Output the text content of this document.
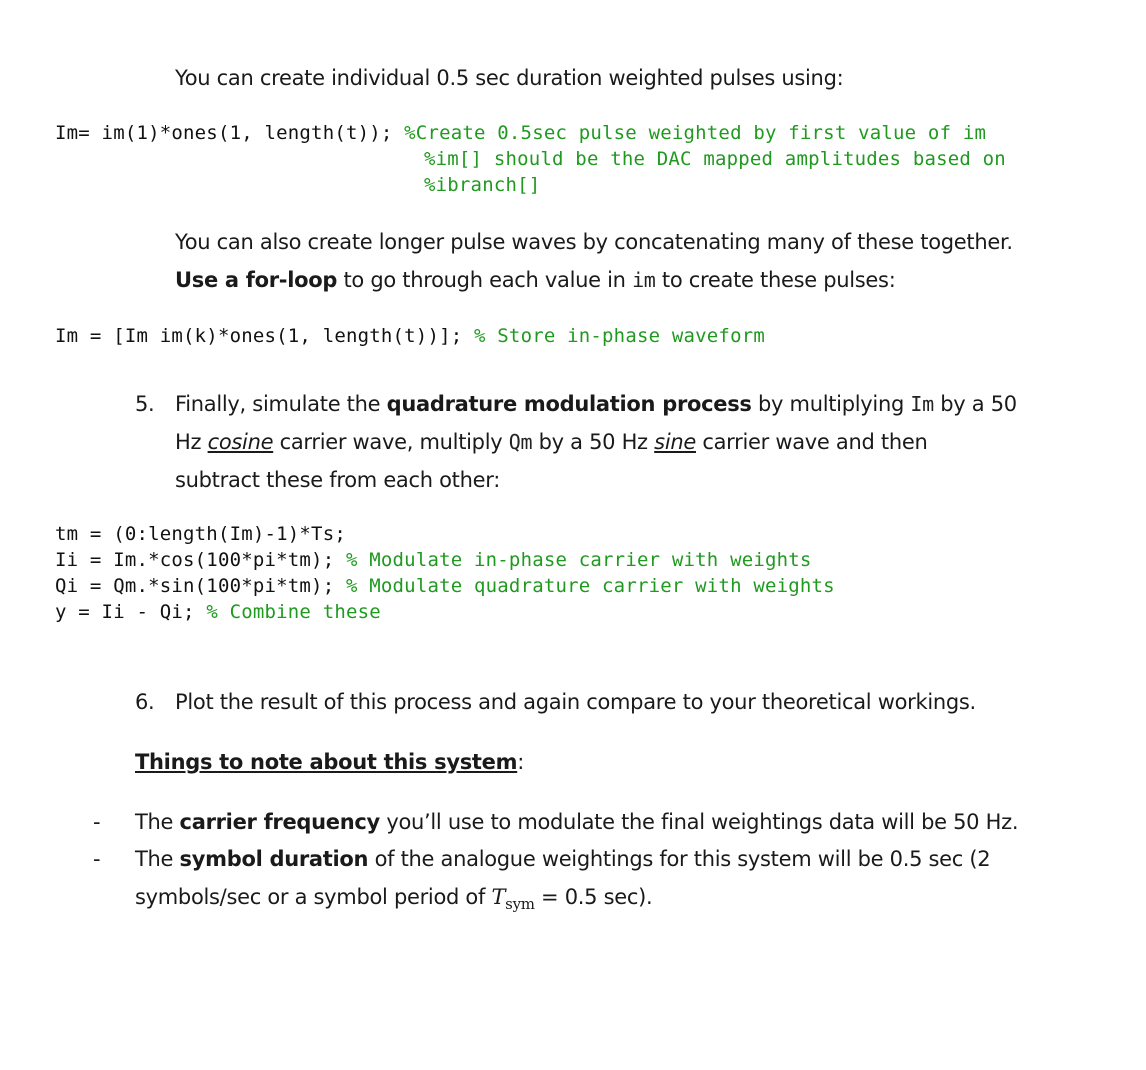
You can create individual 0.5 sec duration weighted pulses using:
Im= im(1)*ones(1, length(t)); %Create 0.5sec pulse weighted by first value of im
%im[] should be the DAC mapped amplitudes based on
%ibranch[]
You can also create longer pulse waves by concatenating many of these together.
Use a for-loop to go through each value in im to create these pulses:
Im = [Im im(k)*ones(1, length(t))]; % Store in-phase waveform
5. Finally, simulate the quadrature modulation process by multiplying Im by a 50
Hz cosine carrier wave, multiply Qm by a 50 Hz sine carrier wave and then
subtract these from each other:
tm = (0:length(Im)-1)*Ts;
Ii = Im.*cos(100*pi*tm); % Modulate in-phase carrier with weights
Qi = Qm.*sin(100*pi*tm); % Modulate quadrature carrier with weights
y = Ii - Qi; % Combine these
6. Plot the result of this process and again compare to your theoretical workings.
Things to note about this system:
- The carrier frequency you’ll use to modulate the final weightings data will be 50 Hz.
- The symbol duration of the analogue weightings for this system will be 0.5 sec (2
symbols/sec or a symbol period of $T_{sym} = 0.5$ sec).
